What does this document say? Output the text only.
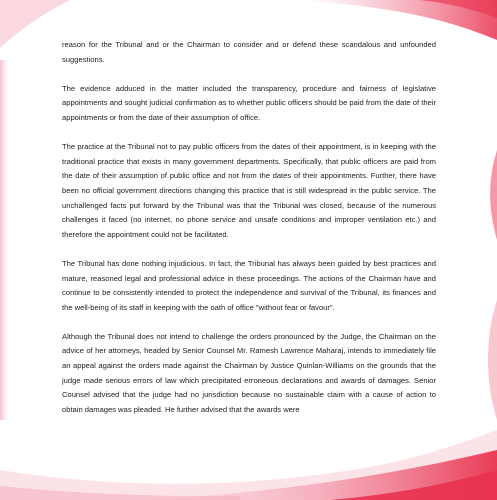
reason for the Tribunal and or the Chairman to consider and or defend these scandalous and unfounded suggestions.

The evidence adduced in the matter included the transparency, procedure and fairness of legislative appointments and sought judicial confirmation as to whether public officers should be paid from the date of their appointments or from the date of their assumption of office.

The practice at the Tribunal not to pay public officers from the dates of their appointment, is in keeping with the traditional practice that exists in many government departments. Specifically, that public officers are paid from the date of their assumption of public office and not from the dates of their appointments. Further, there have been no official government directions changing this practice that is still widespread in the public service. The unchallenged facts put forward by the Tribunal was that the Tribunal was closed, because of the numerous challenges it faced (no internet, no phone service and unsafe conditions and improper ventilation etc.) and therefore the appointment could not be facilitated.

The Tribunal has done nothing injudicious. In fact, the Tribunal has always been guided by best practices and mature, reasoned legal and professional advice in these proceedings. The actions of the Chairman have and continue to be consistently intended to protect the independence and survival of the Tribunal, its finances and the well-being of its staff in keeping with the oath of office "without fear or favour".

Although the Tribunal does not intend to challenge the orders pronounced by the Judge, the Chairman on the advice of her attorneys, headed by Senior Counsel Mr. Ramesh Lawrence Maharaj, intends to immediately file an appeal against the orders made against the Chairman by Justice Quinlan-Williams on the grounds that the judge made serious errors of law which precipitated erroneous declarations and awards of damages. Senior Counsel advised that the judge had no jurisdiction because no sustainable claim with a cause of action to obtain damages was pleaded. He further advised that the awards were
